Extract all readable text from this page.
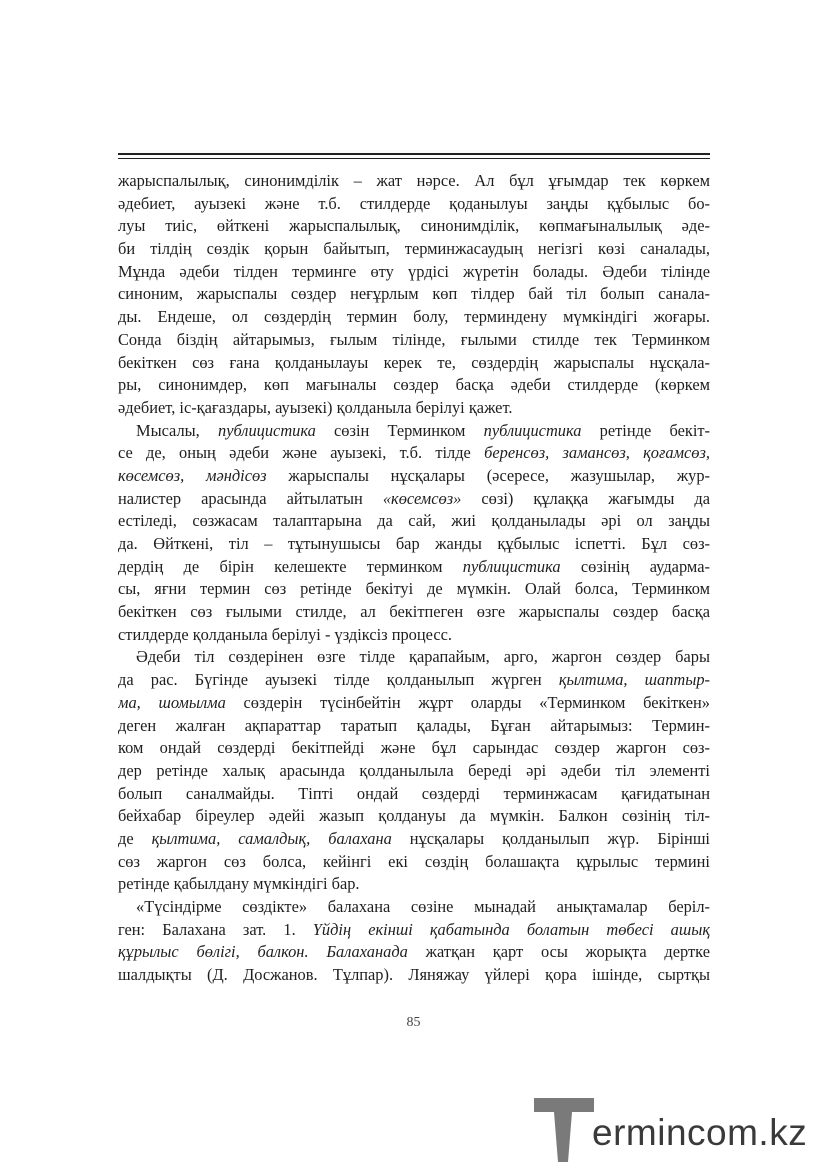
жарыспалылық, синонимділік – жат нәрсе. Ал бұл ұғымдар тек көркем
әдебиет, ауызекі және т.б. стилдерде қоданылуы заңды құбылыс бо-
луы тиіс, өйткені жарыспалылық, синонимділік, көпмағыналылық әде-
би тілдің сөздік қорын байытып, терминжасаудың негізгі көзі саналады,
Мұнда әдеби тілден терминге өту үрдісі жүретін болады. Әдеби тілінде
синоним, жарыспалы сөздер неғұрлым көп тілдер бай тіл болып санала-
ды. Ендеше, ол сөздердің термин болу, терминдену мүмкіндігі жоғары.
Сонда біздің айтарымыз, ғылым тілінде, ғылыми стилде тек Терминком
бекіткен сөз ғана қолданылауы керек те, сөздердің жарыспалы нұсқала-
ры, синонимдер, көп мағыналы сөздер басқа әдеби стилдерде (көркем
әдебиет, іс-қағаздары, ауызекі) қолданыла берілуі қажет.
Мысалы, публицистика сөзін Терминком публицистика ретінде бекіт-
се де, оның әдеби және ауызекі, т.б. тілде беренсөз, замансөз, қоғамсөз,
көсемсөз, мәндісөз жарыспалы нұсқалары (әсересе, жазушылар, жур-
налистер арасында айтылатын «көсемсөз» сөзі) құлаққа жағымды да
естіледі, сөзжасам талаптарына да сай, жиі қолданылады әрі ол заңды
да. Өйткені, тіл – тұтынушысы бар жанды құбылыс іспетті. Бұл сөз-
дердің де бірін келешекте терминком публицистика сөзінің аудармa-
сы, яғни термин сөз ретінде бекітуі де мүмкін. Олай болса, Терминком
бекіткен сөз ғылыми стилде, ал бекітпеген өзге жарыспалы сөздер басқа
стилдерде қолданыла берілуі - үздіксіз процесс.
Әдеби тіл сөздерінен өзге тілде қарапайым, арго, жаргон сөздер бары
да рас. Бүгінде ауызекі тілде қолданылып жүрген қылтима, шаптыр-
ма, шомылма сөздерін түсінбейтін жұрт оларды «Терминком бекіткен»
деген жалған ақпараттар таратып қалады, Бұған айтарымыз: Термин-
ком ондай сөздерді бекітпейді және бұл сарындас сөздер жаргон сөз-
дер ретінде халық арасында қолданылыла береді әрі әдеби тіл элементі
болып саналмайды. Тіпті ондай сөздерді терминжасам қағидатынан
бейхабар біреулер әдейі жазып қолдануы да мүмкін. Балкон сөзінің тіл-
де қылтима, самалдық, балахана нұсқалары қолданылып жүр. Бірінші
сөз жаргон сөз болса, кейінгі екі сөздің болашақта құрылыс термині
ретінде қабылдану мүмкіндігі бар.
«Түсіндірме сөздікте» балахана сөзіне мынадай анықтамалар беріл-
ген: Балахана зат. 1. Үйдің екінші қабатында болатын төбесі ашық
құрылыс бөлігі, балкон. Балаханада жатқан қарт осы жорықта дертке
шалдықты (Д. Досжанов. Тұлпар). Ляняжау үйлері қора ішінде, сыртқы
85
ermincom.kz
